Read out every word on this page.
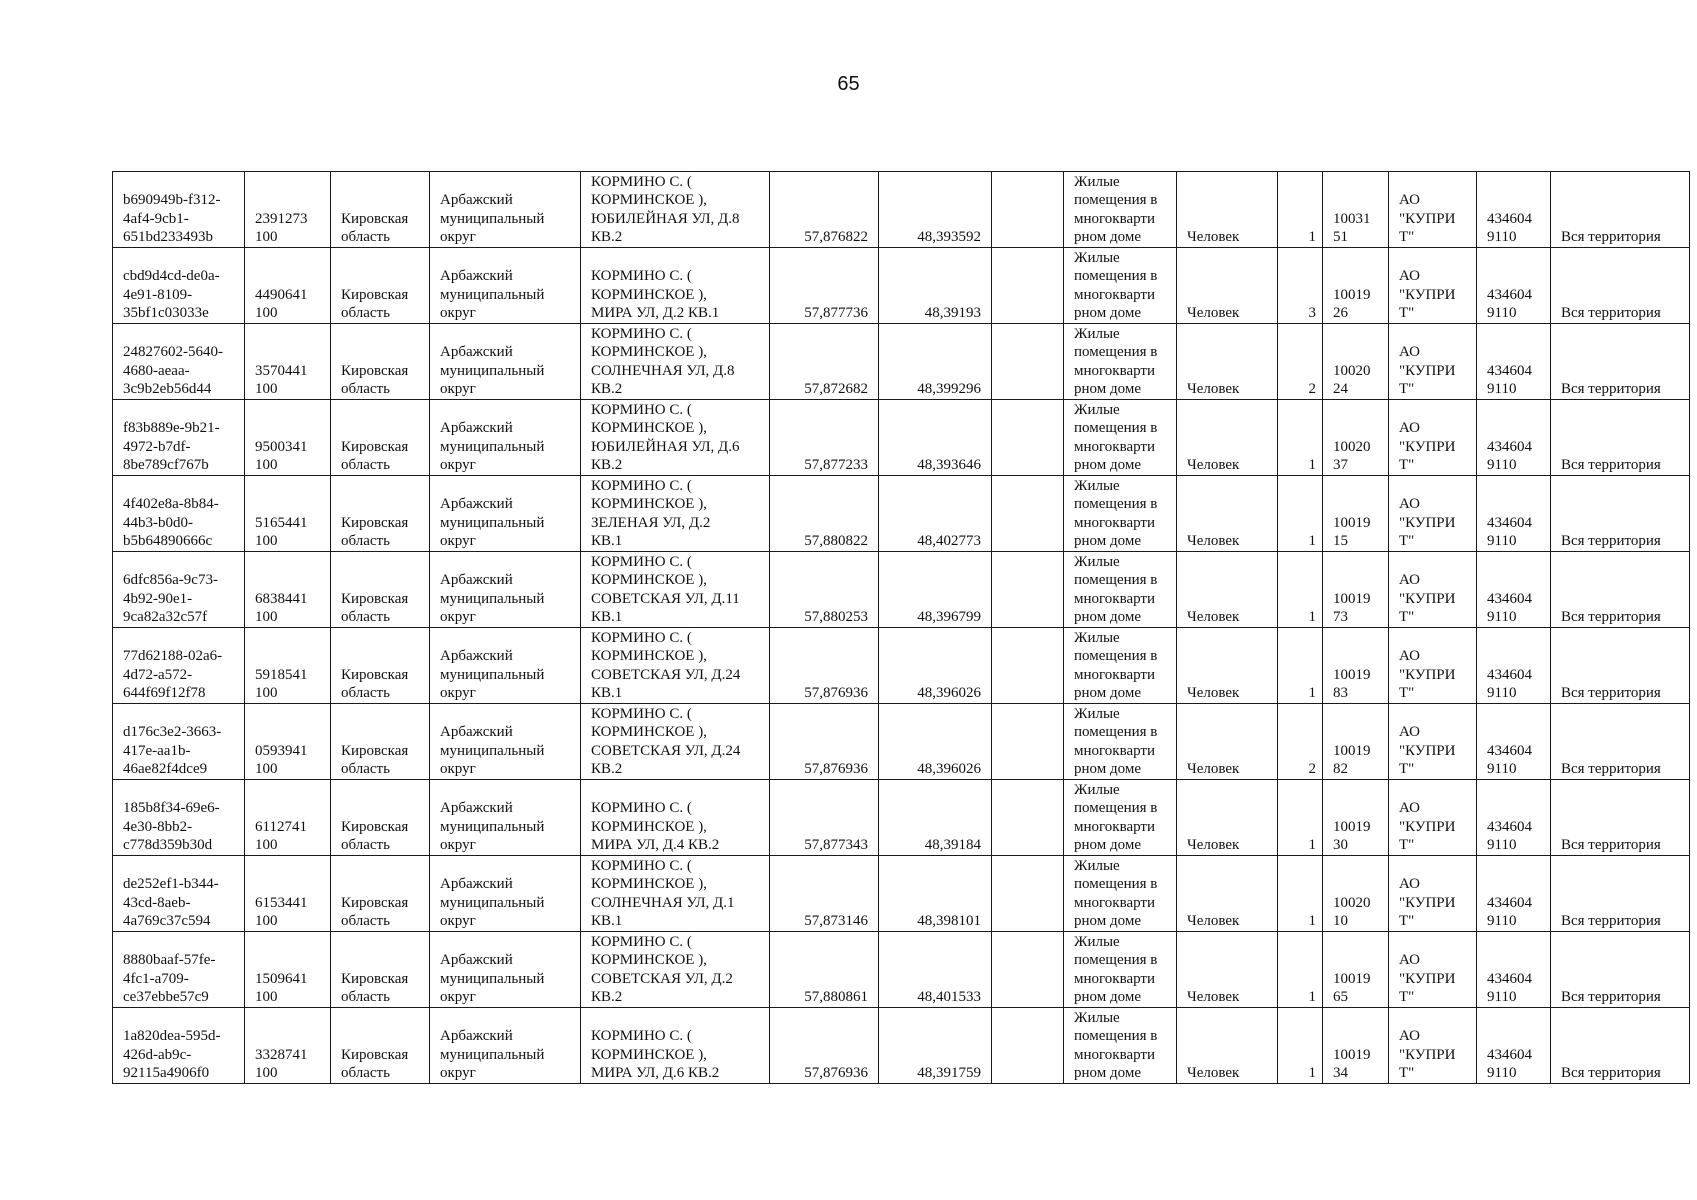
65
b690949b-f312-
4af4-9cb1-
651bd233493b	2391273
100	Кировская
область	Арбажский
муниципальный
округ	КОРМИНО С. (
КОРМИНСКОЕ ),
ЮБИЛЕЙНАЯ УЛ, Д.8
КВ.2	57,876822	48,393592		Жилые
помещения в
многокварти
рном доме	Человек	1	10031
51	АО
"КУПРИ
Т"	434604
9110	Вся территория
cbd9d4cd-de0a-
4e91-8109-
35bf1c03033e	4490641
100	Кировская
область	Арбажский
муниципальный
округ	КОРМИНО С. (
КОРМИНСКОЕ ),
МИРА УЛ, Д.2 КВ.1	57,877736	48,39193		Жилые
помещения в
многокварти
рном доме	Человек	3	10019
26	АО
"КУПРИ
Т"	434604
9110	Вся территория
24827602-5640-
4680-aeaa-
3c9b2eb56d44	3570441
100	Кировская
область	Арбажский
муниципальный
округ	КОРМИНО С. (
КОРМИНСКОЕ ),
СОЛНЕЧНАЯ УЛ, Д.8
КВ.2	57,872682	48,399296		Жилые
помещения в
многокварти
рном доме	Человек	2	10020
24	АО
"КУПРИ
Т"	434604
9110	Вся территория
f83b889e-9b21-
4972-b7df-
8be789cf767b	9500341
100	Кировская
область	Арбажский
муниципальный
округ	КОРМИНО С. (
КОРМИНСКОЕ ),
ЮБИЛЕЙНАЯ УЛ, Д.6
КВ.2	57,877233	48,393646		Жилые
помещения в
многокварти
рном доме	Человек	1	10020
37	АО
"КУПРИ
Т"	434604
9110	Вся территория
4f402e8a-8b84-
44b3-b0d0-
b5b64890666c	5165441
100	Кировская
область	Арбажский
муниципальный
округ	КОРМИНО С. (
КОРМИНСКОЕ ),
ЗЕЛЕНАЯ УЛ, Д.2
КВ.1	57,880822	48,402773		Жилые
помещения в
многокварти
рном доме	Человек	1	10019
15	АО
"КУПРИ
Т"	434604
9110	Вся территория
6dfc856a-9c73-
4b92-90e1-
9ca82a32c57f	6838441
100	Кировская
область	Арбажский
муниципальный
округ	КОРМИНО С. (
КОРМИНСКОЕ ),
СОВЕТСКАЯ УЛ, Д.11
КВ.1	57,880253	48,396799		Жилые
помещения в
многокварти
рном доме	Человек	1	10019
73	АО
"КУПРИ
Т"	434604
9110	Вся территория
77d62188-02a6-
4d72-a572-
644f69f12f78	5918541
100	Кировская
область	Арбажский
муниципальный
округ	КОРМИНО С. (
КОРМИНСКОЕ ),
СОВЕТСКАЯ УЛ, Д.24
КВ.1	57,876936	48,396026		Жилые
помещения в
многокварти
рном доме	Человек	1	10019
83	АО
"КУПРИ
Т"	434604
9110	Вся территория
d176c3e2-3663-
417e-aa1b-
46ae82f4dce9	0593941
100	Кировская
область	Арбажский
муниципальный
округ	КОРМИНО С. (
КОРМИНСКОЕ ),
СОВЕТСКАЯ УЛ, Д.24
КВ.2	57,876936	48,396026		Жилые
помещения в
многокварти
рном доме	Человек	2	10019
82	АО
"КУПРИ
Т"	434604
9110	Вся территория
185b8f34-69e6-
4e30-8bb2-
c778d359b30d	6112741
100	Кировская
область	Арбажский
муниципальный
округ	КОРМИНО С. (
КОРМИНСКОЕ ),
МИРА УЛ, Д.4 КВ.2	57,877343	48,39184		Жилые
помещения в
многокварти
рном доме	Человек	1	10019
30	АО
"КУПРИ
Т"	434604
9110	Вся территория
de252ef1-b344-
43cd-8aeb-
4a769c37c594	6153441
100	Кировская
область	Арбажский
муниципальный
округ	КОРМИНО С. (
КОРМИНСКОЕ ),
СОЛНЕЧНАЯ УЛ, Д.1
КВ.1	57,873146	48,398101		Жилые
помещения в
многокварти
рном доме	Человек	1	10020
10	АО
"КУПРИ
Т"	434604
9110	Вся территория
8880baaf-57fe-
4fc1-a709-
ce37ebbe57c9	1509641
100	Кировская
область	Арбажский
муниципальный
округ	КОРМИНО С. (
КОРМИНСКОЕ ),
СОВЕТСКАЯ УЛ, Д.2
КВ.2	57,880861	48,401533		Жилые
помещения в
многокварти
рном доме	Человек	1	10019
65	АО
"КУПРИ
Т"	434604
9110	Вся территория
1a820dea-595d-
426d-ab9c-
92115a4906f0	3328741
100	Кировская
область	Арбажский
муниципальный
округ	КОРМИНО С. (
КОРМИНСКОЕ ),
МИРА УЛ, Д.6 КВ.2	57,876936	48,391759		Жилые
помещения в
многокварти
рном доме	Человек	1	10019
34	АО
"КУПРИ
Т"	434604
9110	Вся территория
